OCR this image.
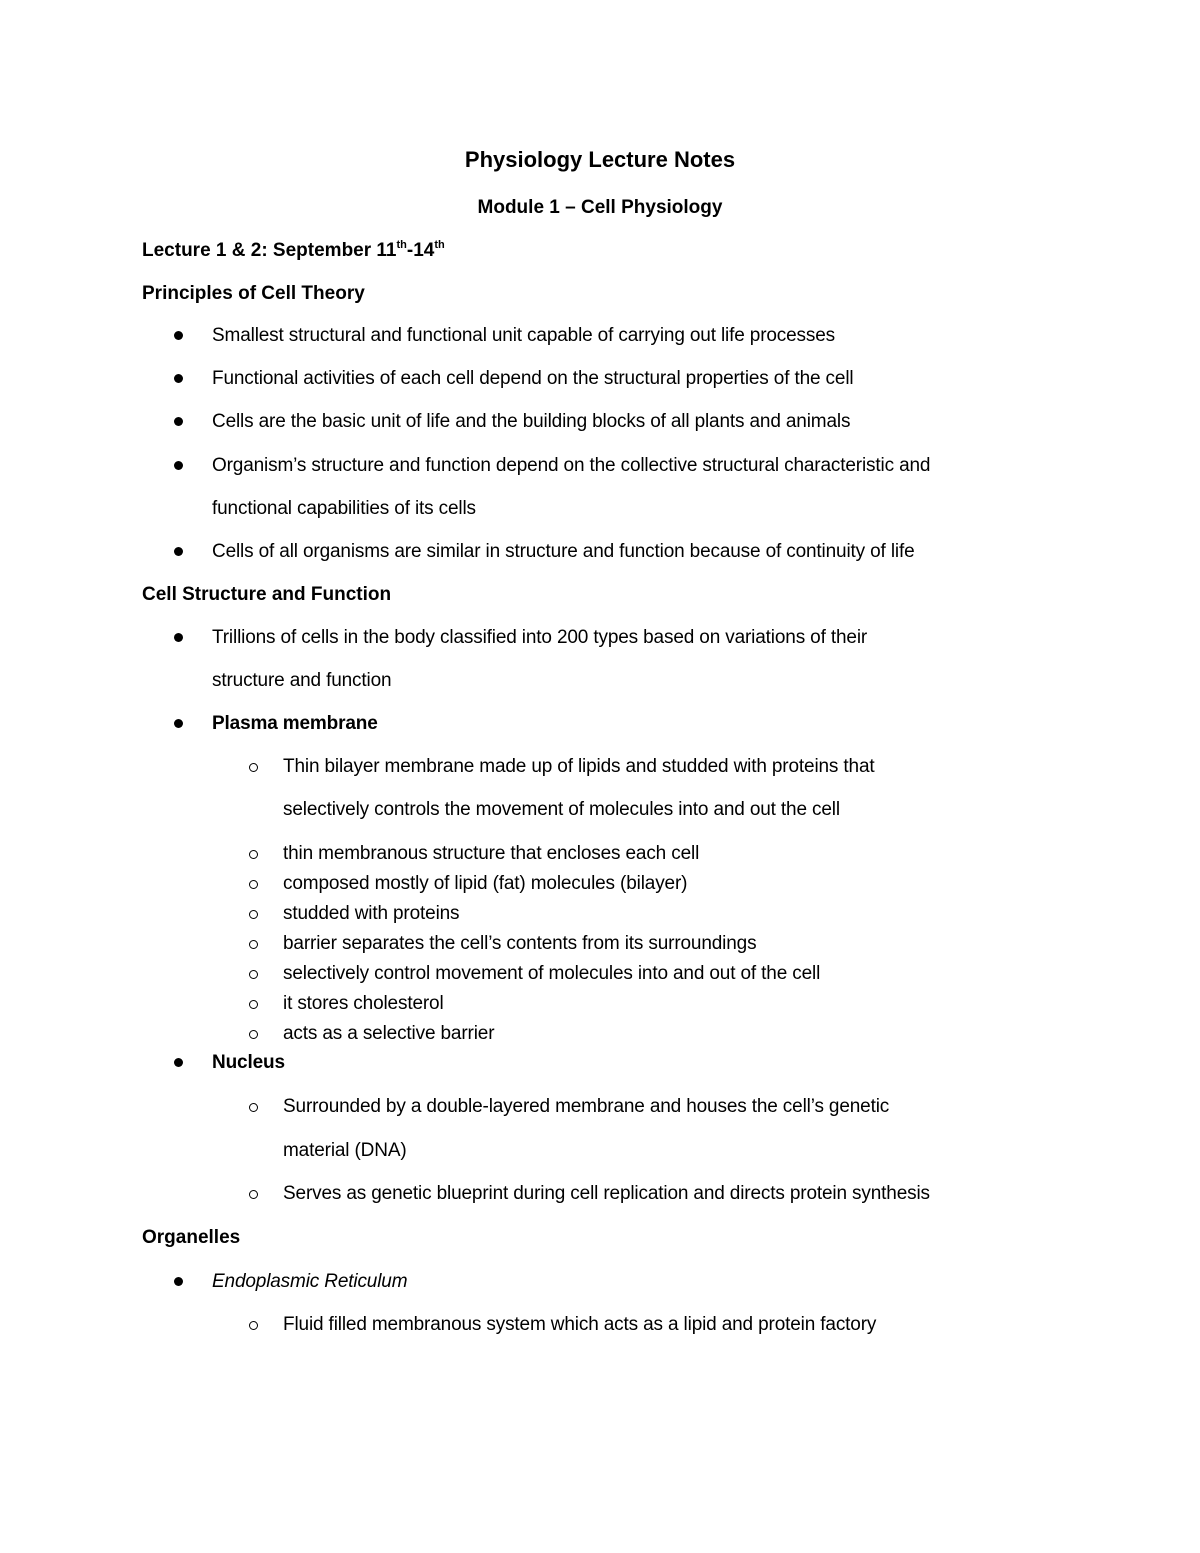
Physiology Lecture Notes
Module 1 – Cell Physiology
Lecture 1 & 2: September 11th-14th
Principles of Cell Theory
Smallest structural and functional unit capable of carrying out life processes
Functional activities of each cell depend on the structural properties of the cell
Cells are the basic unit of life and the building blocks of all plants and animals
Organism’s structure and function depend on the collective structural characteristic and
functional capabilities of its cells
Cells of all organisms are similar in structure and function because of continuity of life
Cell Structure and Function
Trillions of cells in the body classified into 200 types based on variations of their
structure and function
Plasma membrane
Thin bilayer membrane made up of lipids and studded with proteins that
selectively controls the movement of molecules into and out the cell
thin membranous structure that encloses each cell
composed mostly of lipid (fat) molecules (bilayer)
studded with proteins
barrier separates the cell’s contents from its surroundings
selectively control movement of molecules into and out of the cell
it stores cholesterol
acts as a selective barrier
Nucleus
Surrounded by a double-layered membrane and houses the cell’s genetic
material (DNA)
Serves as genetic blueprint during cell replication and directs protein synthesis
Organelles
Endoplasmic Reticulum
Fluid filled membranous system which acts as a lipid and protein factory
